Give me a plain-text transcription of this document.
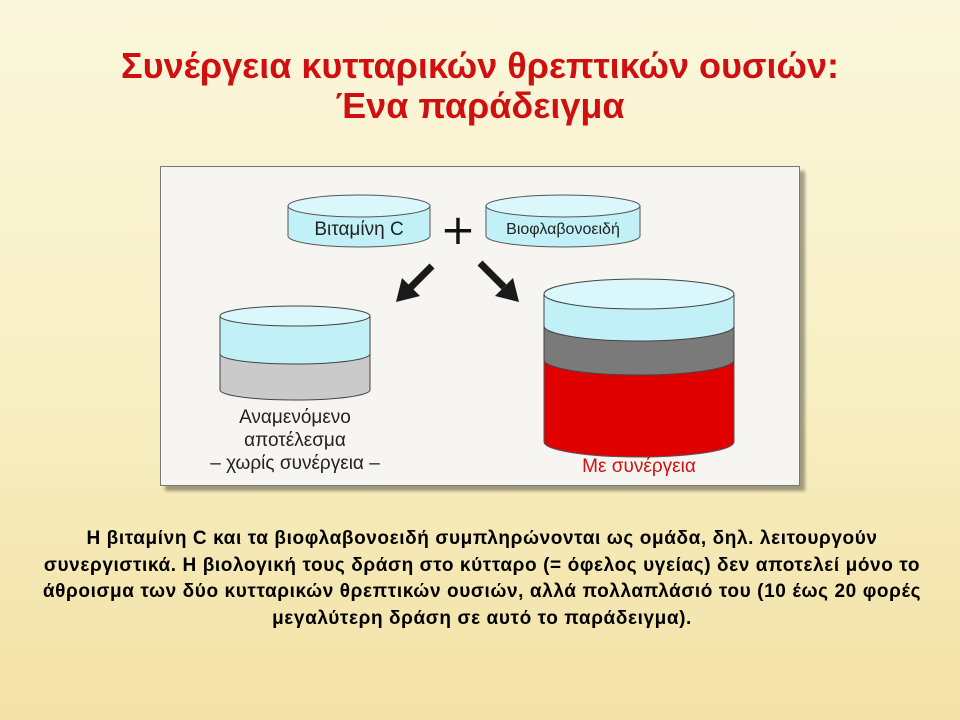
Συνέργεια κυτταρικών θρεπτικών ουσιών:
Ένα παράδειγμα
Βιταμίνη C	Βιοφλαβονοειδή
+
Αναμενόμενο
αποτέλεσμα
– χωρίς συνέργεια –	Με συνέργεια

Η βιταμίνη C και τα βιοφλαβονοειδή συμπληρώνονται ως ομάδα, δηλ. λειτουργούν συνεργιστικά. Η βιολογική τους δράση στο κύτταρο (= όφελος υγείας) δεν αποτελεί μόνο το άθροισμα των δύο κυτταρικών θρεπτικών ουσιών, αλλά πολλαπλάσιό του (10 έως 20 φορές μεγαλύτερη δράση σε αυτό το παράδειγμα).
